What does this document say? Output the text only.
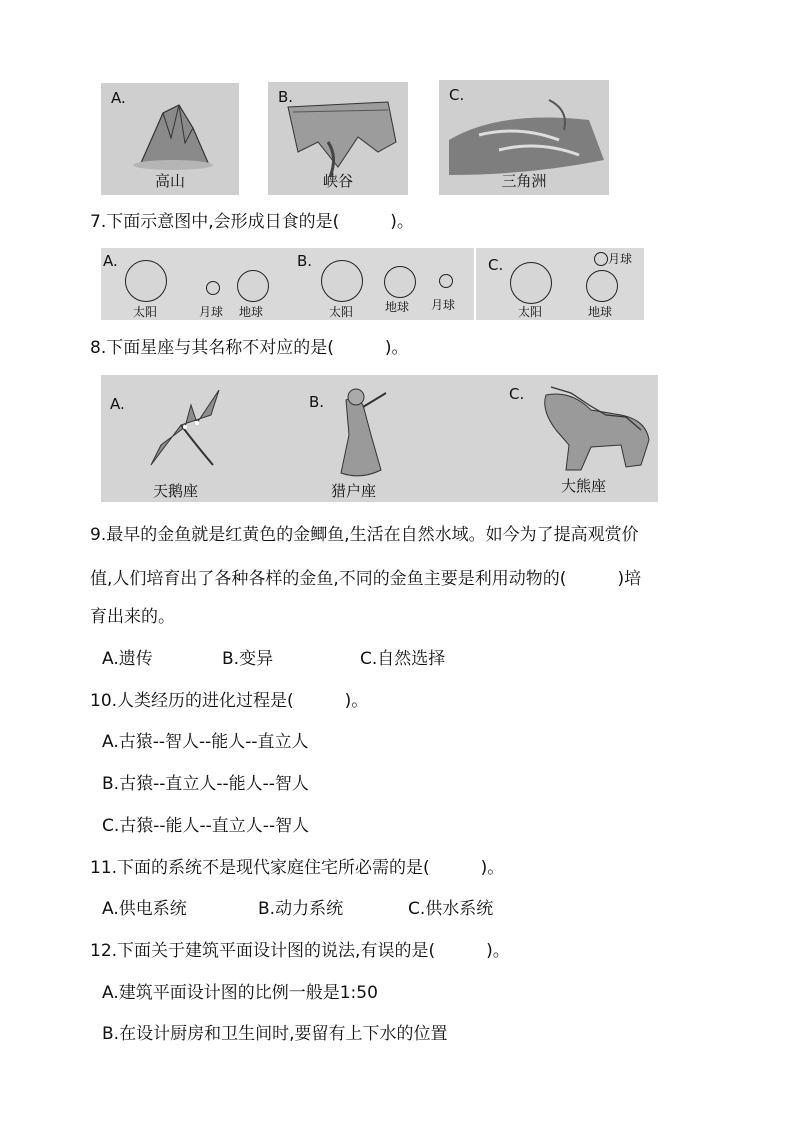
A.
高山
B.
峡谷
C.
三角洲
7.下面示意图中,会形成日食的是(　　　)。
A.
太阳	月球 地球
B.
太阳	地球 月球
C.	月球
太阳	地球
8.下面星座与其名称不对应的是(　　　)。
A.	B.	C.
天鹅座	猎户座	大熊座
9.最早的金鱼就是红黄色的金鲫鱼,生活在自然水域。如今为了提高观赏价
值,人们培育出了各种各样的金鱼,不同的金鱼主要是利用动物的(　　　)培
育出来的。
A.遗传	B.变异	C.自然选择
10.人类经历的进化过程是(　　　)。
A.古猿--智人--能人--直立人
B.古猿--直立人--能人--智人
C.古猿--能人--直立人--智人
11.下面的系统不是现代家庭住宅所必需的是(　　　)。
A.供电系统	B.动力系统	C.供水系统
12.下面关于建筑平面设计图的说法,有误的是(　　　)。
A.建筑平面设计图的比例一般是1:50
B.在设计厨房和卫生间时,要留有上下水的位置
